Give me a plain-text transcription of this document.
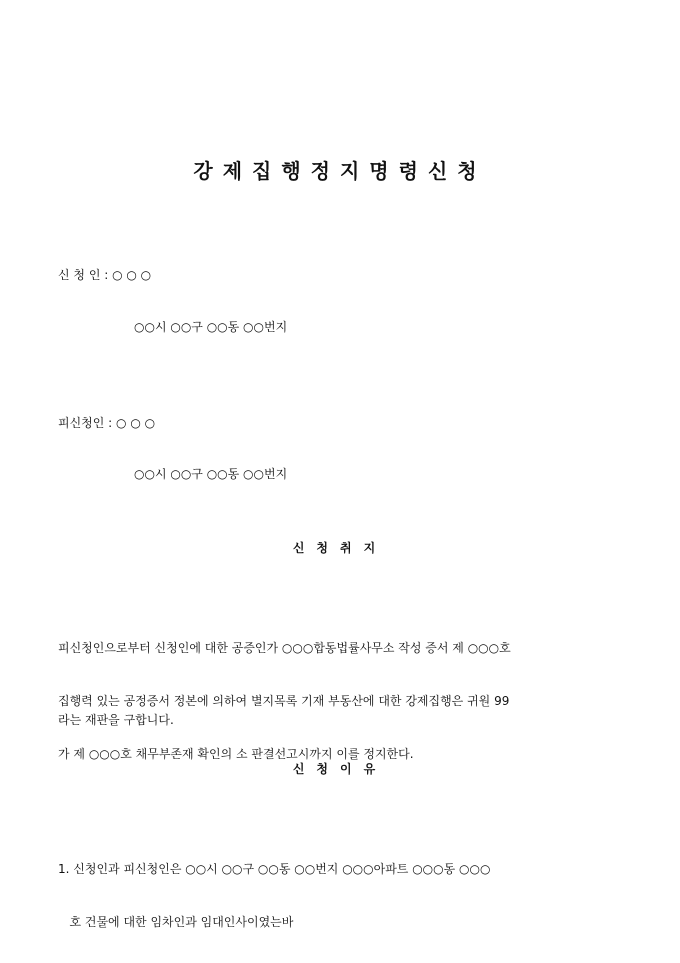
강제집행정지명령신청
신 청 인 : ○ ○ ○
○○시 ○○구 ○○동 ○○번지
피신청인 : ○ ○ ○
○○시 ○○구 ○○동 ○○번지
신청취지

피신청인으로부터 신청인에 대한 공증인가 ○○○합동법률사무소 작성 증서 제 ○○○호

집행력 있는 공정증서 정본에 의하여 별지목록 기재 부동산에 대한 강제집행은 귀원 99

가 제 ○○○호 채무부존재 확인의 소 판결선고시까지 이를 정지한다.

라는 재판을 구합니다.
신청이유

1. 신청인과 피신청인은 ○○시 ○○구 ○○동 ○○번지 ○○○아파트 ○○○동 ○○○

호 건물에 대한 임차인과 임대인사이였는바
